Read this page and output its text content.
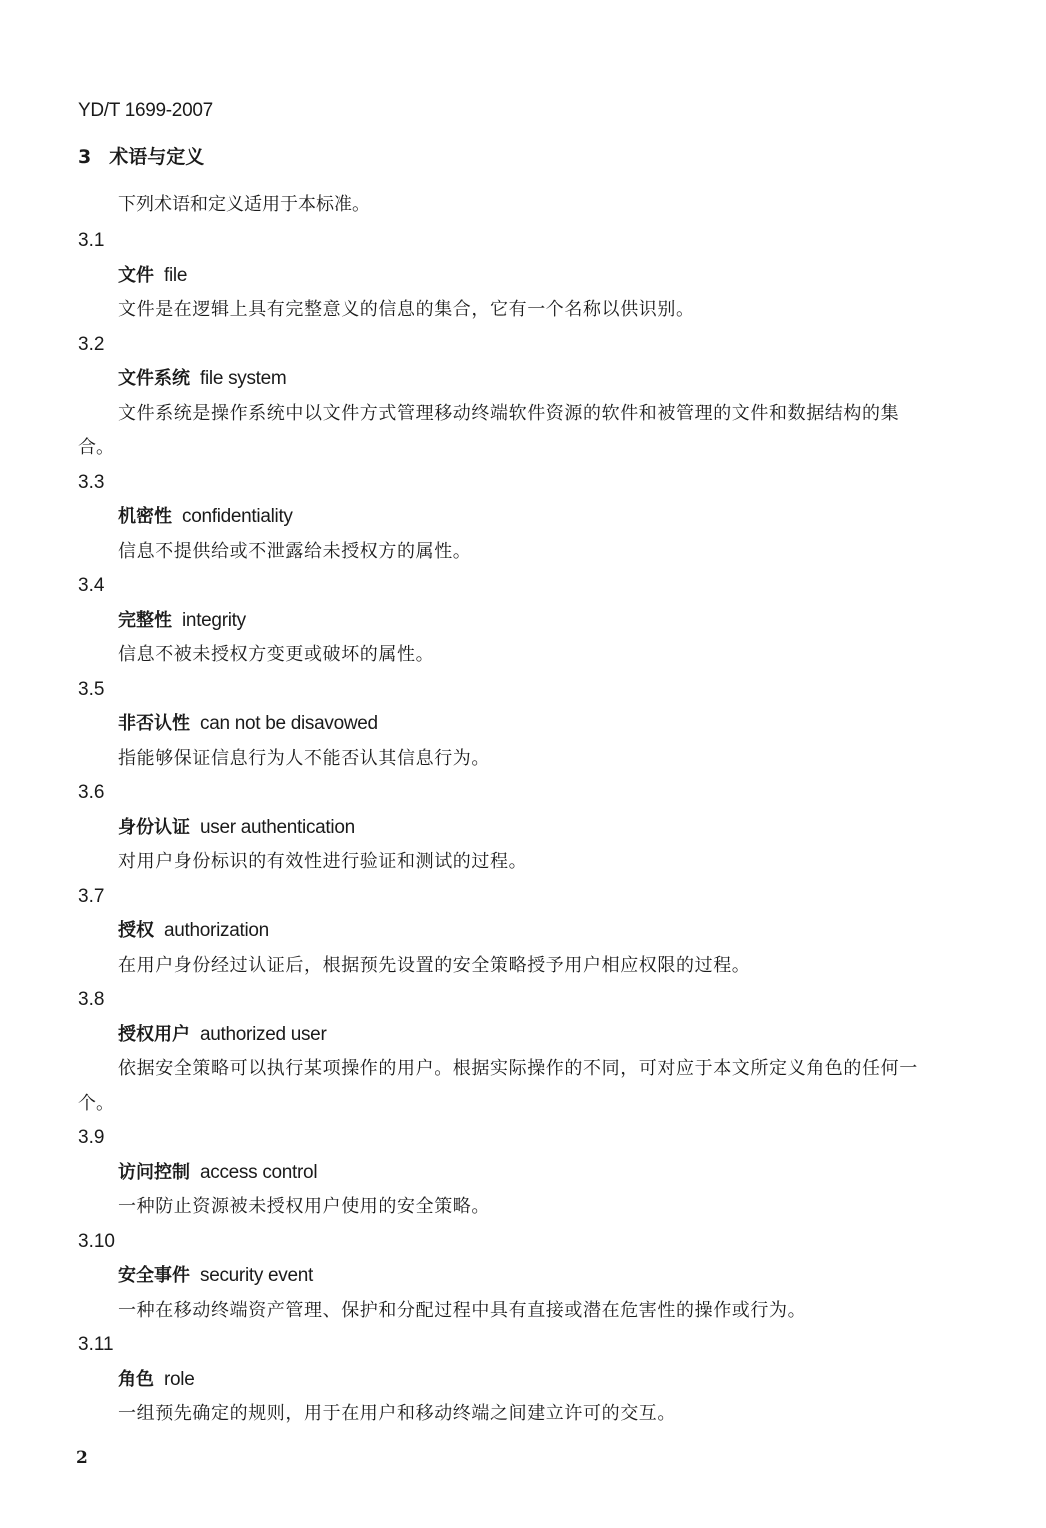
YD/T 1699-2007
3 术语与定义
下列术语和定义适用于本标准。
3.1
文件 file
文件是在逻辑上具有完整意义的信息的集合，它有一个名称以供识别。
3.2
文件系统 file system
文件系统是操作系统中以文件方式管理移动终端软件资源的软件和被管理的文件和数据结构的集
合。
3.3
机密性 confidentiality
信息不提供给或不泄露给未授权方的属性。
3.4
完整性 integrity
信息不被未授权方变更或破坏的属性。
3.5
非否认性 can not be disavowed
指能够保证信息行为人不能否认其信息行为。
3.6
身份认证 user authentication
对用户身份标识的有效性进行验证和测试的过程。
3.7
授权 authorization
在用户身份经过认证后，根据预先设置的安全策略授予用户相应权限的过程。
3.8
授权用户 authorized user
依据安全策略可以执行某项操作的用户。根据实际操作的不同，可对应于本文所定义角色的任何一
个。
3.9
访问控制 access control
一种防止资源被未授权用户使用的安全策略。
3.10
安全事件 security event
一种在移动终端资产管理、保护和分配过程中具有直接或潜在危害性的操作或行为。
3.11
角色 role
一组预先确定的规则，用于在用户和移动终端之间建立许可的交互。
2
